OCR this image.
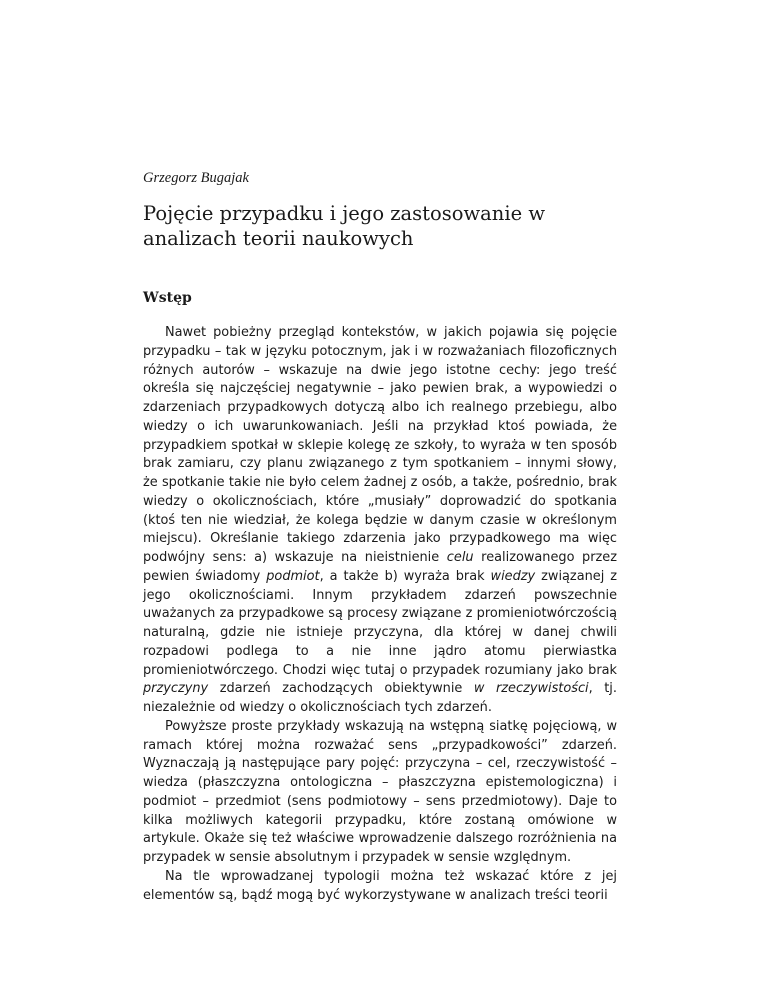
Grzegorz Bugajak
Pojęcie przypadku i jego zastosowanie w analizach teorii naukowych
Wstęp

Nawet pobieżny przegląd kontekstów, w jakich pojawia się pojęcie przypadku – tak w języku potocznym, jak i w rozważaniach filozoficznych różnych autorów – wskazuje na dwie jego istotne cechy: jego treść określa się najczęściej negatywnie – jako pewien brak, a wypowiedzi o zdarzeniach przypadkowych dotyczą albo ich realnego przebiegu, albo wiedzy o ich uwarunkowaniach. Jeśli na przykład ktoś powiada, że przypadkiem spotkał w sklepie kolegę ze szkoły, to wyraża w ten sposób brak zamiaru, czy planu związanego z tym spotkaniem – innymi słowy, że spotkanie takie nie było celem żadnej z osób, a także, pośrednio, brak wiedzy o okolicznościach, które „musiały” doprowadzić do spotkania (ktoś ten nie wiedział, że kolega będzie w danym czasie w określonym miejscu). Określanie takiego zdarzenia jako przypadkowego ma więc podwójny sens: a) wskazuje na nieistnienie celu realizowanego przez pewien świadomy podmiot, a także b) wyraża brak wiedzy związanej z jego okolicznościami. Innym przykładem zdarzeń powszechnie uważanych za przypadkowe są procesy związane z promieniotwórczością naturalną, gdzie nie istnieje przyczyna, dla której w danej chwili rozpadowi podlega to a nie inne jądro atomu pierwiastka promieniotwórczego. Chodzi więc tutaj o przypadek rozumiany jako brak przyczyny zdarzeń zachodzących obiektywnie w rzeczywistości, tj. niezależnie od wiedzy o okolicznościach tych zdarzeń.

Powyższe proste przykłady wskazują na wstępną siatkę pojęciową, w ramach której można rozważać sens „przypadkowości” zdarzeń. Wyznaczają ją następujące pary pojęć: przyczyna – cel, rzeczywistość – wiedza (płaszczyzna ontologiczna – płaszczyzna epistemologiczna) i podmiot – przedmiot (sens podmiotowy – sens przedmiotowy). Daje to kilka możliwych kategorii przypadku, które zostaną omówione w artykule. Okaże się też właściwe wprowadzenie dalszego rozróżnienia na przypadek w sensie absolutnym i przypadek w sensie względnym.

Na tle wprowadzanej typologii można też wskazać które z jej elementów są, bądź mogą być wykorzystywane w analizach treści teorii
